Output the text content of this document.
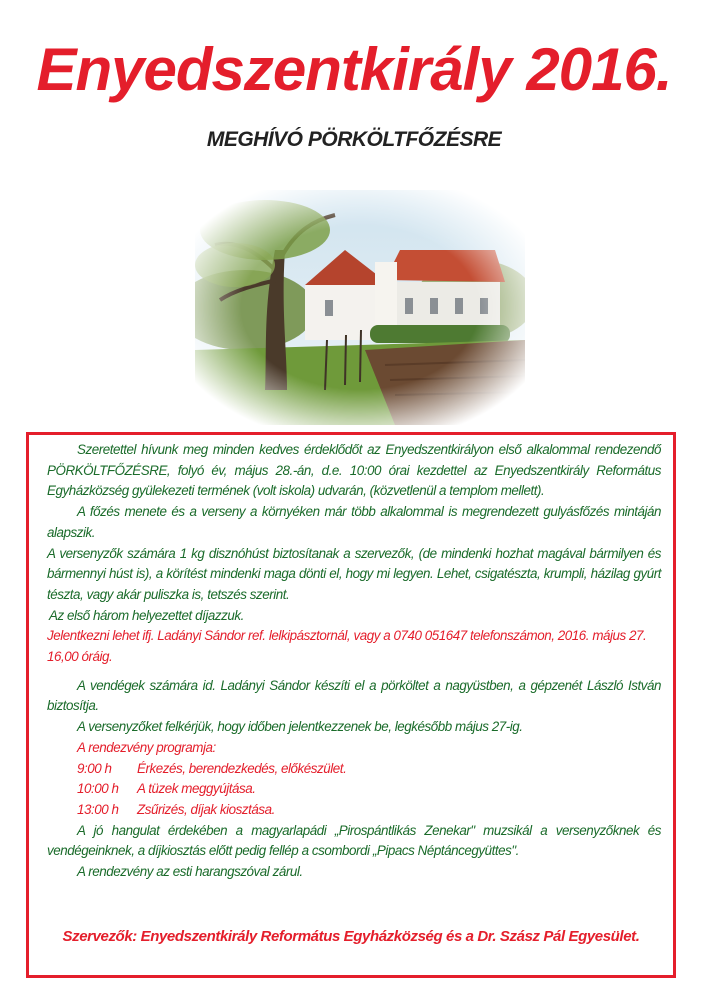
Enyedszentkirály 2016.
MEGHÍVÓ PÖRKÖLTFŐZÉSRE

Szeretettel hívunk meg minden kedves érdeklődőt az Enyedszentkirályon első alkalommal rendezendő PÖRKÖLTFŐZÉSRE, folyó év, május 28.-án, d.e. 10:00 órai kezdettel az Enyedszentkirály Református Egyházközség gyülekezeti termének (volt iskola) udvarán, (közvetlenül a templom mellett).

A főzés menete és a verseny a környéken már több alkalommal is megrendezett gulyásfőzés mintáján alapszik.

A versenyzők számára 1 kg disznóhúst biztosítanak a szervezők, (de mindenki hozhat magával bármilyen és bármennyi húst is), a körítést mindenki maga dönti el, hogy mi legyen. Lehet, csigatészta, krumpli, házilag gyúrt tészta, vagy akár puliszka is, tetszés szerint.

Az első három helyezettet díjazzuk.

Jelentkezni lehet ifj. Ladányi Sándor ref. lelkipásztornál, vagy a 0740 051647 telefonszámon, 2016. május 27. 16,00 óráig.

A vendégek számára id. Ladányi Sándor készíti el a pörköltet a nagyüstben, a gépzenét László István biztosítja.

A versenyzőket felkérjük, hogy időben jelentkezzenek be, legkésőbb május 27-ig.

A rendezvény programja:

9:00 h Érkezés, berendezkedés, előkészület.

10:00 h A tüzek meggyújtása.

13:00 h Zsűrizés, díjak kiosztása.

A jó hangulat érdekében a magyarlapádi „Pirospántlikás Zenekar" muzsikál a versenyzőknek és vendégeinknek, a díjkiosztás előtt pedig fellép a csombordi „Pipacs Néptáncegyüttes".

A rendezvény az esti harangszóval zárul.

Szervezők: Enyedszentkirály Református Egyházközség és a Dr. Szász Pál Egyesület.
